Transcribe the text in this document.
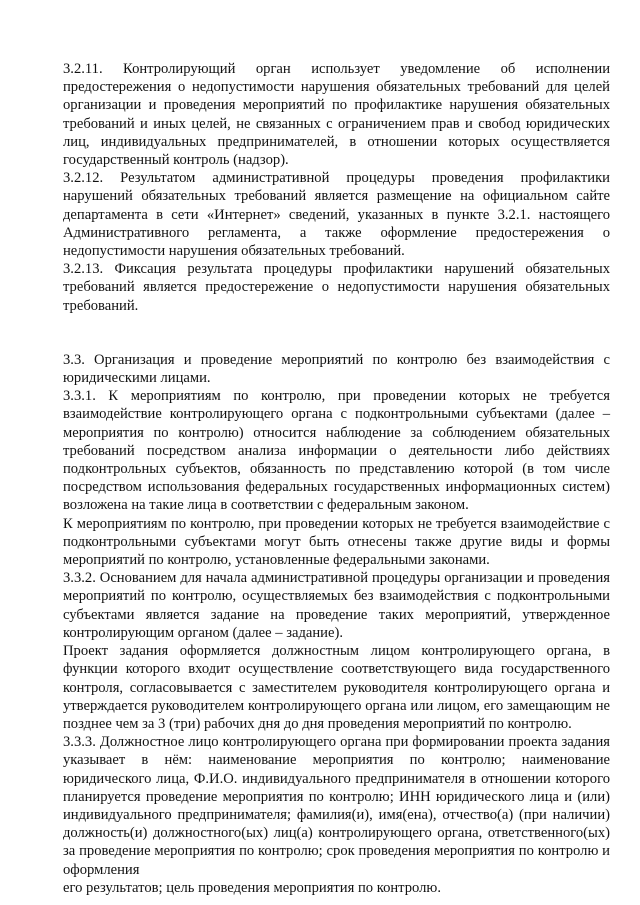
3.2.11. Контролирующий орган использует уведомление об исполнении предостережения о недопустимости нарушения обязательных требований для целей организации и проведения мероприятий по профилактике нарушения обязательных требований и иных целей, не связанных с ограничением прав и свобод юридических лиц, индивидуальных предпринимателей, в отношении которых осуществляется государственный контроль (надзор).

3.2.12. Результатом административной процедуры проведения профилактики нарушений обязательных требований является размещение на официальном сайте департамента в сети «Интернет» сведений, указанных в пункте 3.2.1. настоящего Административного регламента, а также оформление предостережения о недопустимости нарушения обязательных требований.

3.2.13. Фиксация результата процедуры профилактики нарушений обязательных требований является предостережение о недопустимости нарушения обязательных требований.

3.3. Организация и проведение мероприятий по контролю без взаимодействия с юридическими лицами.

3.3.1. К мероприятиям по контролю, при проведении которых не требуется взаимодействие контролирующего органа с подконтрольными субъектами (далее – мероприятия по контролю) относится наблюдение за соблюдением обязательных требований посредством анализа информации о деятельности либо действиях подконтрольных субъектов, обязанность по представлению которой (в том числе посредством использования федеральных государственных информационных систем) возложена на такие лица в соответствии с федеральным законом.

К мероприятиям по контролю, при проведении которых не требуется взаимодействие с подконтрольными субъектами могут быть отнесены также другие виды и формы мероприятий по контролю, установленные федеральными законами.

3.3.2. Основанием для начала административной процедуры организации и проведения мероприятий по контролю, осуществляемых без взаимодействия с подконтрольными субъектами является задание на проведение таких мероприятий, утвержденное контролирующим органом (далее – задание).

Проект задания оформляется должностным лицом контролирующего органа, в функции которого входит осуществление соответствующего вида государственного контроля, согласовывается с заместителем руководителя контролирующего органа и утверждается руководителем контролирующего органа или лицом, его замещающим не позднее чем за 3 (три) рабочих дня до дня проведения мероприятий по контролю.

3.3.3. Должностное лицо контролирующего органа при формировании проекта задания указывает в нём: наименование мероприятия по контролю; наименование юридического лица, Ф.И.О. индивидуального предпринимателя в отношении которого планируется проведение мероприятия по контролю; ИНН юридического лица и (или) индивидуального предпринимателя; фамилия(и), имя(ена), отчество(а) (при наличии) должность(и) должностного(ых) лиц(а) контролирующего органа, ответственного(ых) за проведение мероприятия по контролю; срок проведения мероприятия по контролю и оформления

его результатов; цель проведения мероприятия по контролю.
